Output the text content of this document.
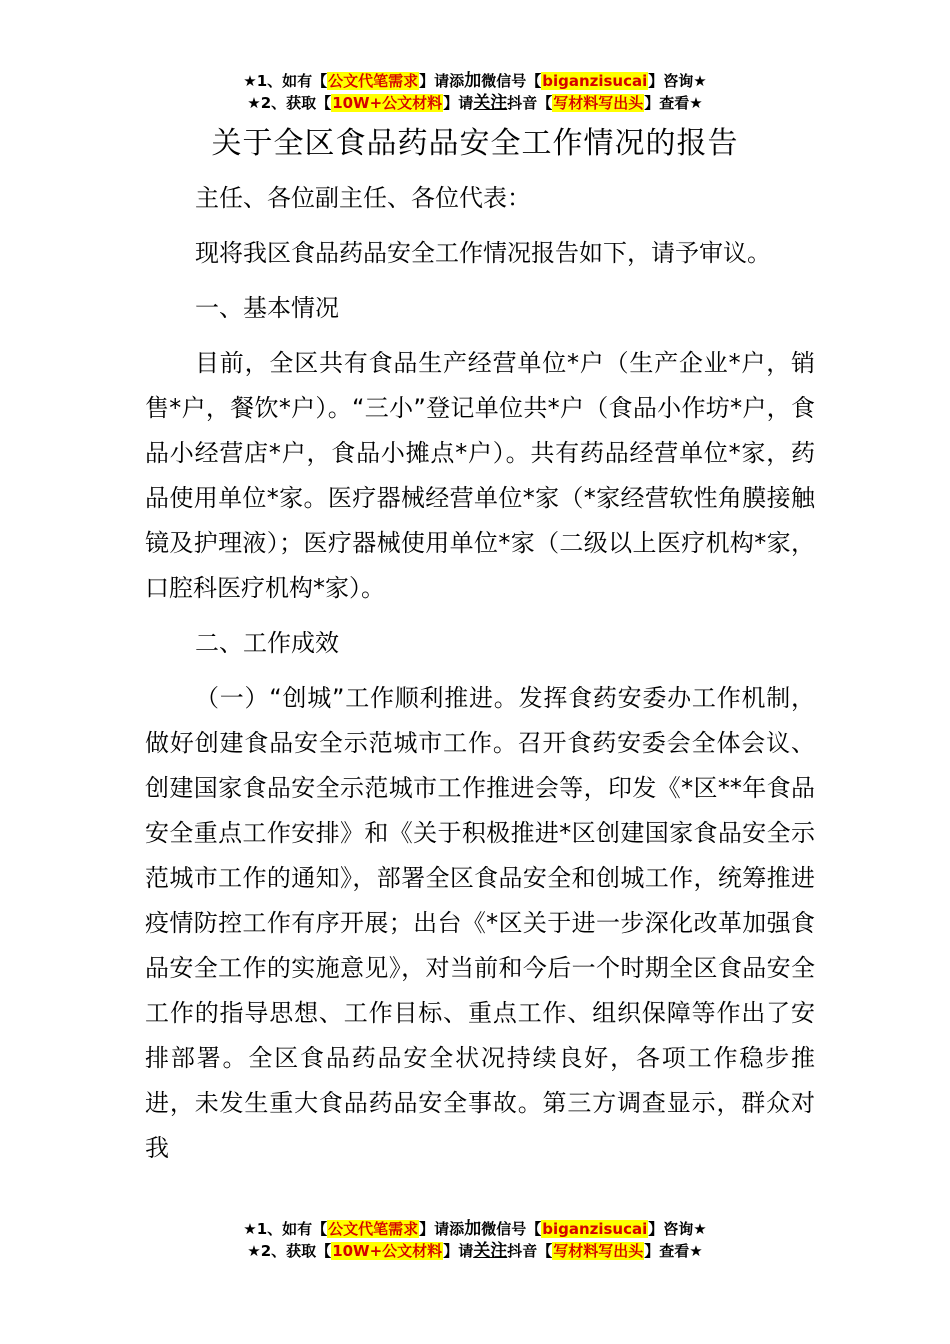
★1、如有【公文代笔需求】请添加微信号【biganzisucai】咨询★
★2、获取【10W+公文材料】请关注抖音【写材料写出头】查看★
关于全区食品药品安全工作情况的报告

主任、各位副主任、各位代表：

现将我区食品药品安全工作情况报告如下，请予审议。

一、基本情况

目前，全区共有食品生产经营单位*户（生产企业*户，销售*户，餐饮*户）。“三小”登记单位共*户（食品小作坊*户，食品小经营店*户，食品小摊点*户）。共有药品经营单位*家，药品使用单位*家。医疗器械经营单位*家（*家经营软性角膜接触镜及护理液）；医疗器械使用单位*家（二级以上医疗机构*家，口腔科医疗机构*家）。

二、工作成效

（一）“创城”工作顺利推进。发挥食药安委办工作机制，做好创建食品安全示范城市工作。召开食药安委会全体会议、创建国家食品安全示范城市工作推进会等，印发《*区**年食品安全重点工作安排》和《关于积极推进*区创建国家食品安全示范城市工作的通知》，部署全区食品安全和创城工作，统筹推进疫情防控工作有序开展；出台《*区关于进一步深化改革加强食品安全工作的实施意见》，对当前和今后一个时期全区食品安全工作的指导思想、工作目标、重点工作、组织保障等作出了安排部署。全区食品药品安全状况持续良好，各项工作稳步推进，未发生重大食品药品安全事故。第三方调查显示，群众对我

★1、如有【公文代笔需求】请添加微信号【biganzisucai】咨询★
★2、获取【10W+公文材料】请关注抖音【写材料写出头】查看★
